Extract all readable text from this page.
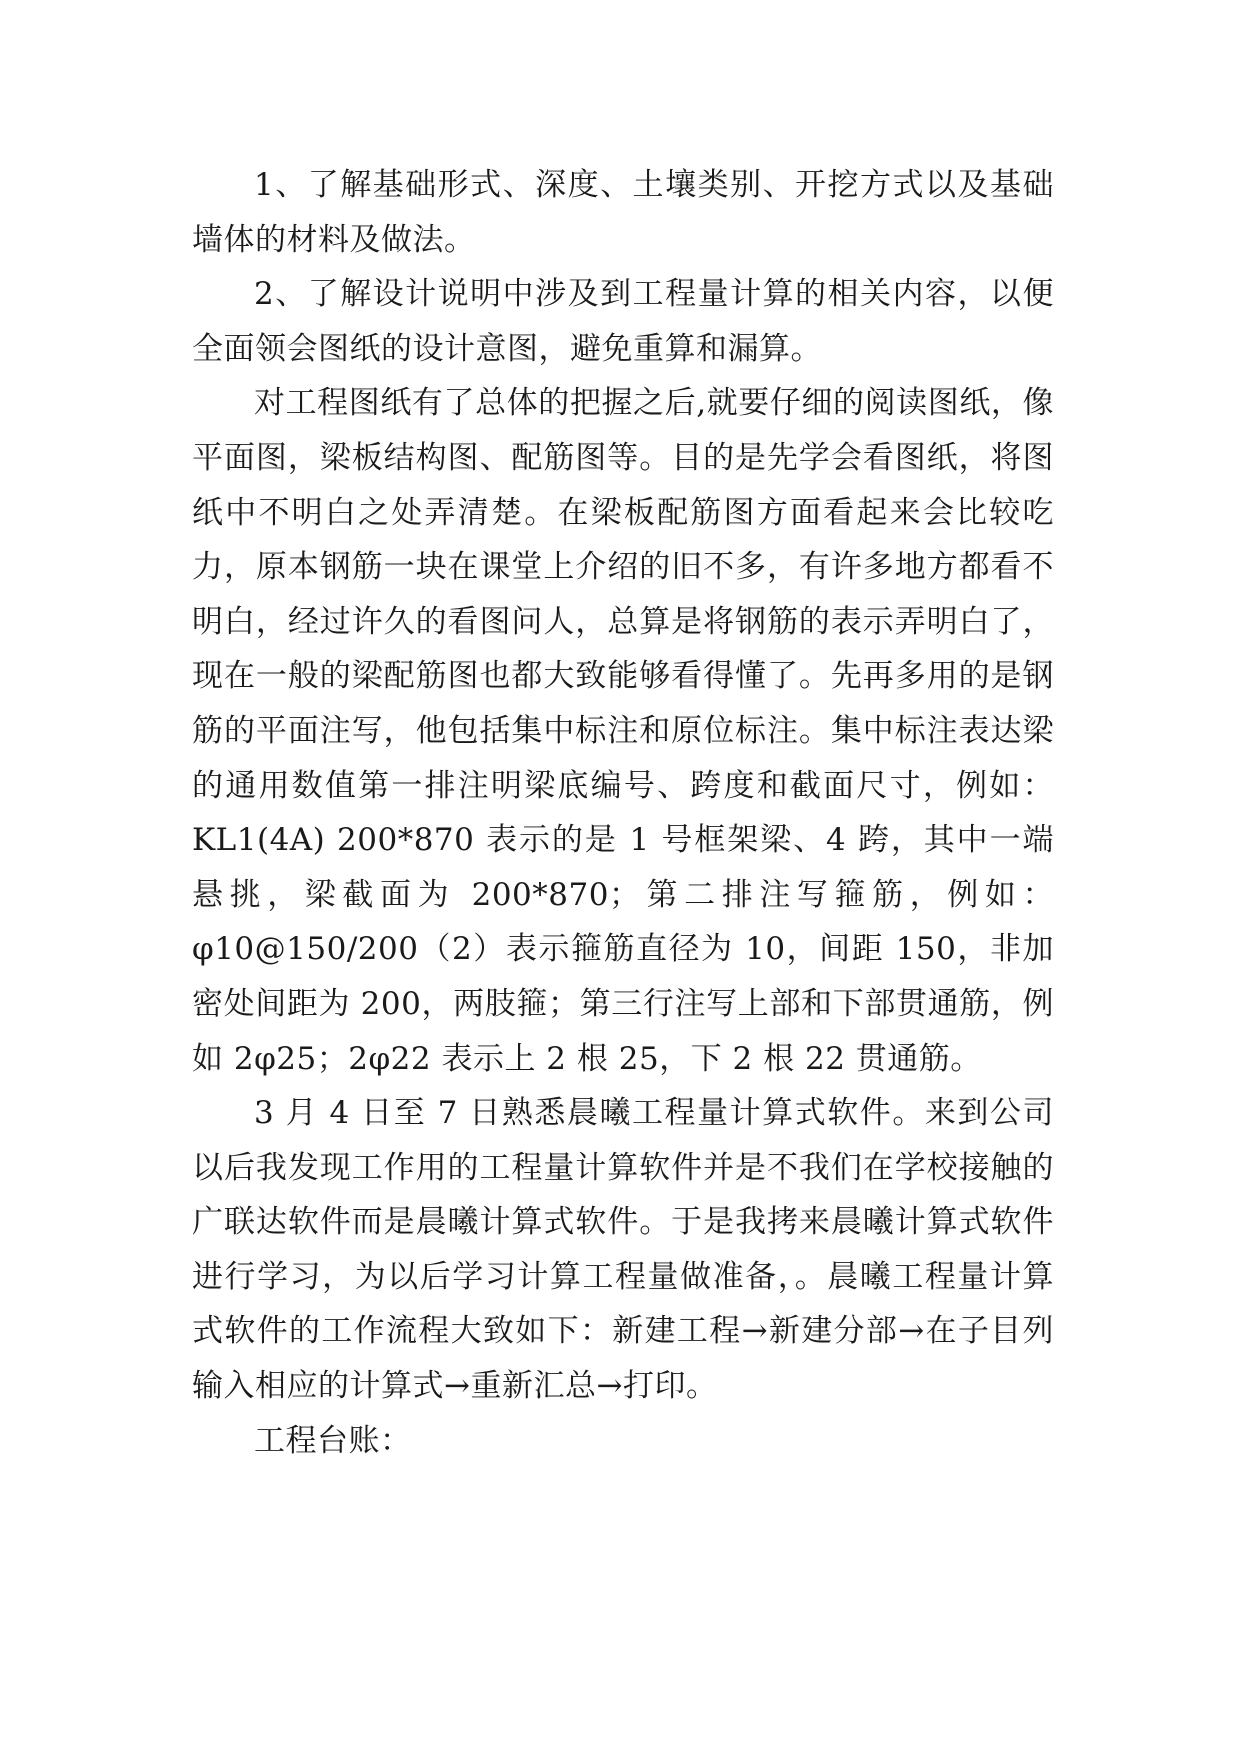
1、了解基础形式、深度、土壤类别、开挖方式以及基础墙体的材料及做法。

2、了解设计说明中涉及到工程量计算的相关内容，以便全面领会图纸的设计意图，避免重算和漏算。

对工程图纸有了总体的把握之后,就要仔细的阅读图纸，像平面图，梁板结构图、配筋图等。目的是先学会看图纸，将图纸中不明白之处弄清楚。在梁板配筋图方面看起来会比较吃力，原本钢筋一块在课堂上介绍的旧不多，有许多地方都看不明白，经过许久的看图问人，总算是将钢筋的表示弄明白了，现在一般的梁配筋图也都大致能够看得懂了。先再多用的是钢筋的平面注写，他包括集中标注和原位标注。集中标注表达梁的通用数值第一排注明梁底编号、跨度和截面尺寸，例如：KL1(4A) 200*870 表示的是 1 号框架梁、4 跨，其中一端悬挑，梁截面为 200*870；第二排注写箍筋，例如：φ10@150/200（2）表示箍筋直径为 10，间距 150，非加密处间距为 200，两肢箍；第三行注写上部和下部贯通筋，例如 2φ25；2φ22 表示上 2 根 25，下 2 根 22 贯通筋。

3 月 4 日至 7 日熟悉晨曦工程量计算式软件。来到公司以后我发现工作用的工程量计算软件并是不我们在学校接触的广联达软件而是晨曦计算式软件。于是我拷来晨曦计算式软件进行学习，为以后学习计算工程量做准备，。晨曦工程量计算式软件的工作流程大致如下：新建工程→新建分部→在子目列输入相应的计算式→重新汇总→打印。

工程台账：
